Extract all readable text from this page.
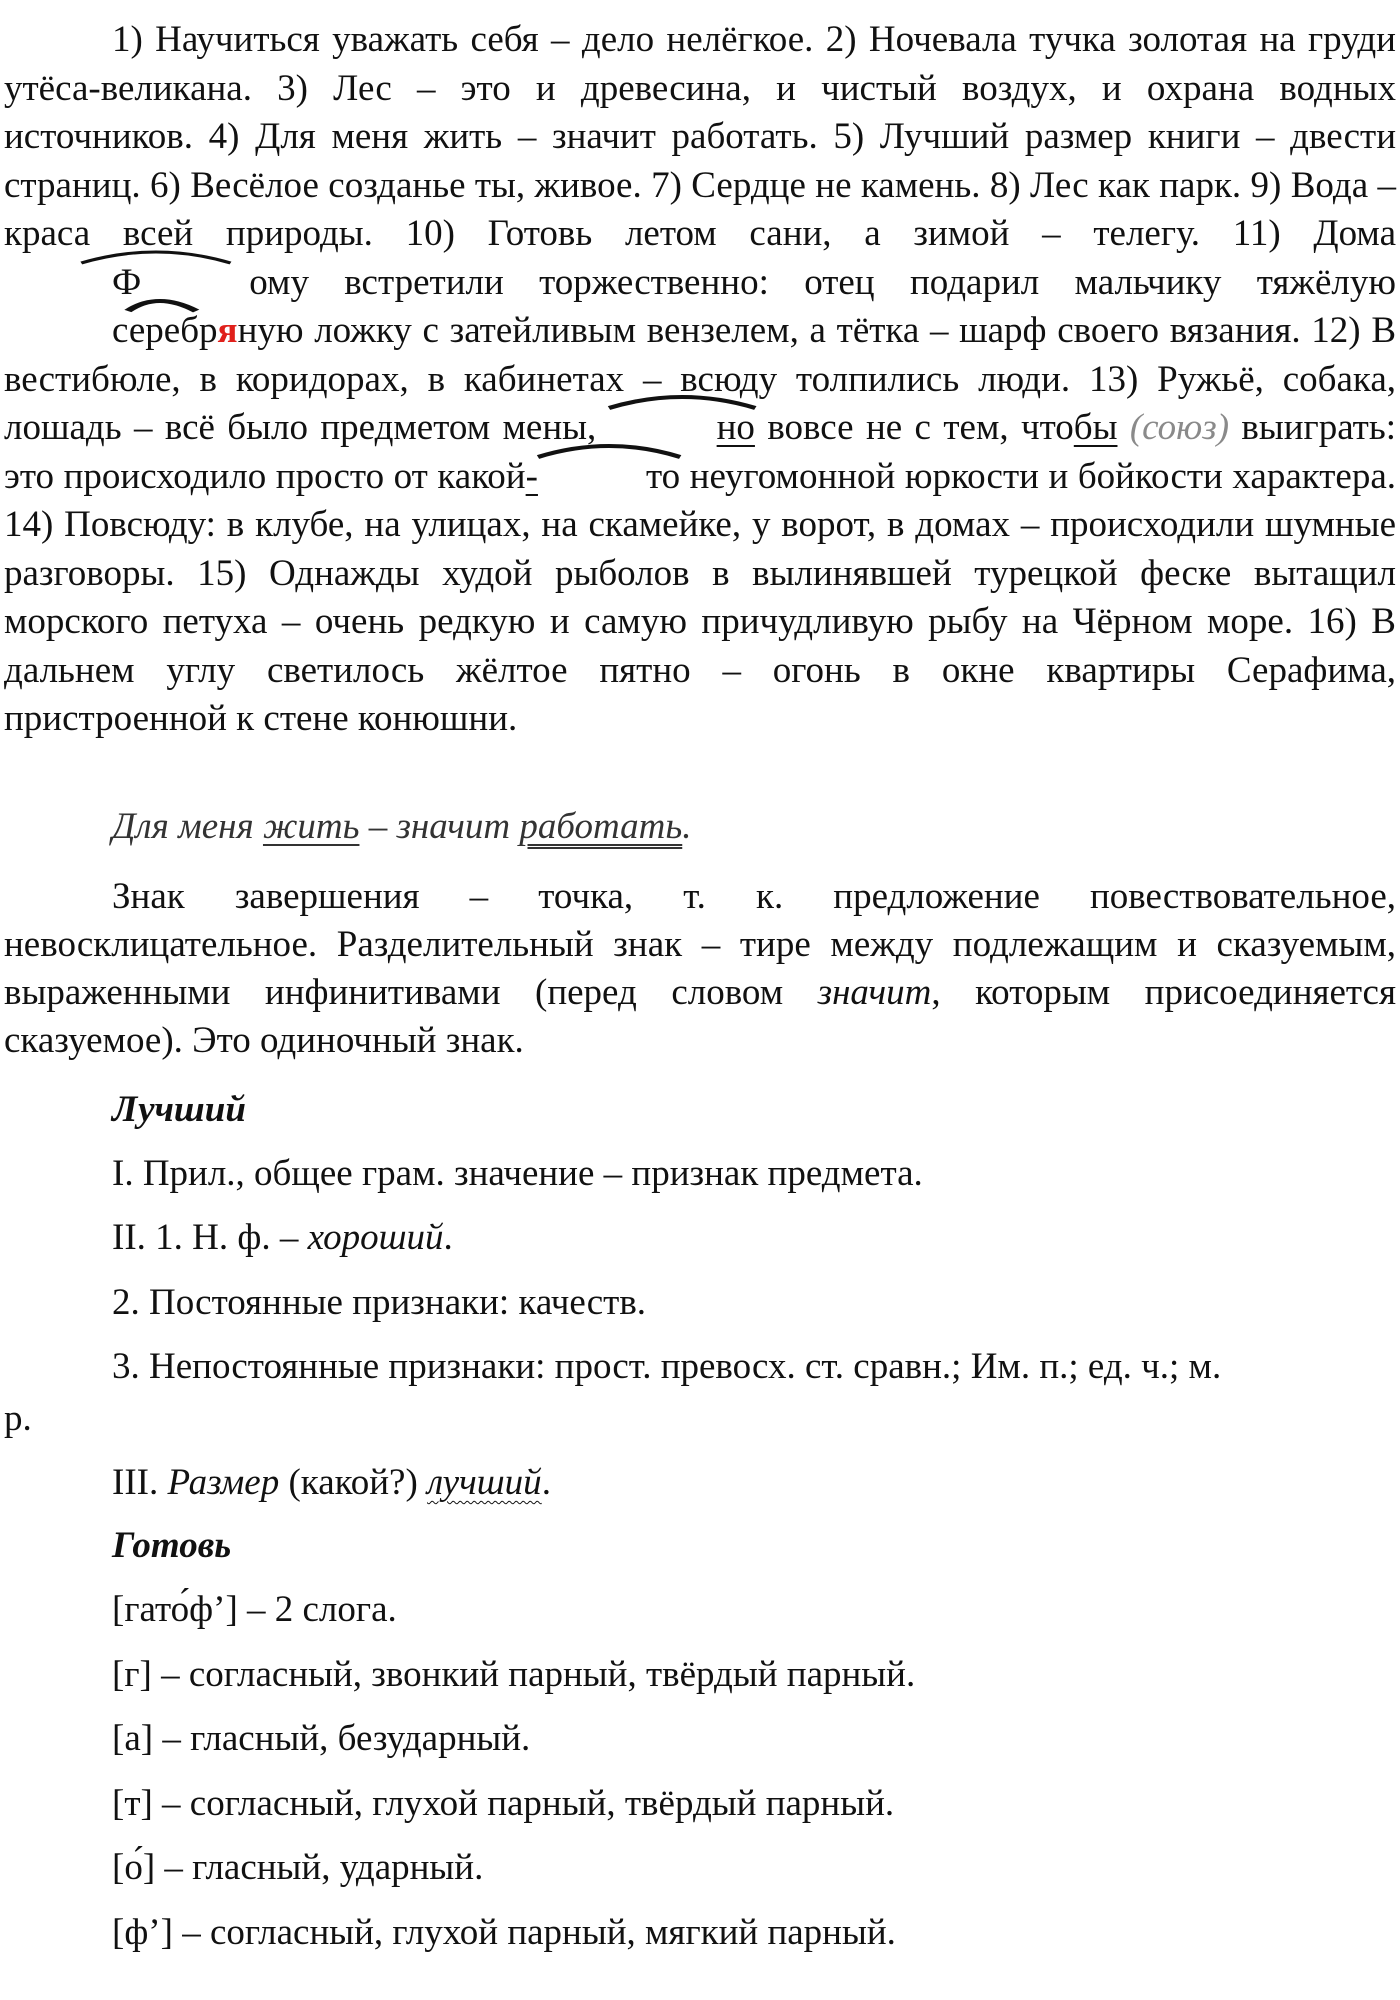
1) Научиться уважать себя – дело нелёгкое. 2) Ночевала тучка золотая на груди утёса-великана. 3) Лес – это и древесина, и чистый воздух, и охрана водных источников. 4) Для меня жить – значит работать. 5) Лучший размер книги – двести страниц. 6) Весёлое созданье ты, живое. 7) Сердце не камень. 8) Лес как парк. 9) Вода – краса всей природы. 10) Готовь летом сани, а зимой – телегу. 11) Дома Ф	ому встретили торжественно: отец подарил мальчику тяжёлую
серебряную ложку с затейливым вензелем, а тётка – шарф своего вязания. 12) В вестибюле, в коридорах, в кабинетах – всюду толпились люди. 13) Ружьё, собака, лошадь – всё было предметом мены,	но вовсе не с тем, чтобы (союз) выиграть: это происходило просто от какой-	то неугомонной юркости и бойкости характера. 14) Повсюду: в клубе, на улицах, на скамейке, у ворот, в домах – происходили шумные разговоры. 15) Однажды худой рыболов в вылинявшей турецкой феске вытащил морского петуха – очень редкую и самую причудливую рыбу на Чёрном море. 16) В дальнем углу светилось жёлтое пятно – огонь в окне квартиры Серафима, пристроенной к стене конюшни.

Для меня жить – значит работать.

Знак завершения – точка, т. к. предложение повествовательное, невосклицательное. Разделительный знак – тире между подлежащим и сказуемым, выраженными инфинитивами (перед словом значит, которым присоединяется сказуемое). Это одиночный знак.

Лучший

I. Прил., общее грам. значение – признак предмета.

II. 1. Н. ф. – хороший.

2. Постоянные признаки: качеств.

3. Непостоянные признаки: прост. превосх. ст. сравн.; Им. п.; ед. ч.; м.

р.

III. Размер (какой?) лучший.

Готовь

[гато́ф’] – 2 слога.

[г] – согласный, звонкий парный, твёрдый парный.

[а] – гласный, безударный.

[т] – согласный, глухой парный, твёрдый парный.

[о́] – гласный, ударный.

[ф’] – согласный, глухой парный, мягкий парный.
